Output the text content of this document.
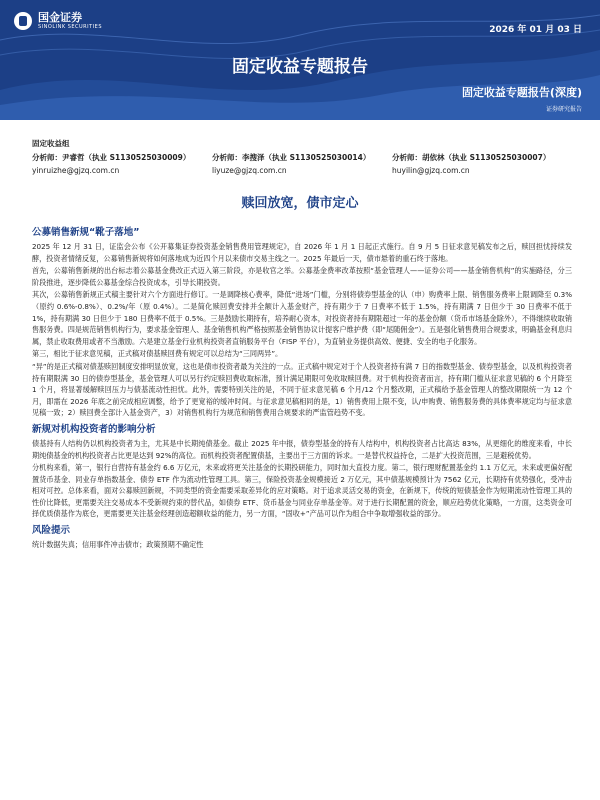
国金证券
SINOLINK SECURITIES	2026 年 01 月 03 日
固定收益专题报告
固定收益专题报告(深度)
证券研究报告
固定收益组
分析师：尹睿哲（执业 S1130525030009）
yinruizhe@gjzq.com.cn
分析师：李搜泽（执业 S1130525030014）
liyuze@gjzq.com.cn
分析师：胡依林（执业 S1130525030007）
huyilin@gjzq.com.cn
赎回放宽，债市定心
公募销售新规“靴子落地”

2025 年 12 月 31 日，证监会公布《公开募集证券投资基金销售费用管理规定》，自 2026 年 1 月 1 日起正式施行。自 9 月 5 日征求意见稿发布之后，赎回担忧持续发酵，投资者情绪反复，公募销售新规将如何落地成为近四个月以来债市交易主线之一。2025 年最后一天，债市悬着的重石终于落地。

首先，公募销售新规的出台标志着公募基金费改正式迈入第三阶段，亦是收官之举。公募基金费率改革按照“基金管理人——证券公司——基金销售机构”的实施路径，分三阶段推进，逐步降低公募基金综合投资成本，引导长期投资。

其次，公募销售新规正式稿主要针对六个方面进行修订。一是调降核心费率，降低“进场”门槛，分别将债券型基金的认（申）购费率上限、销售服务费率上限调降至 0.3%（原约 0.6%-0.8%）、0.2%/年（原 0.4%）。二是简化赎回费安排并全额计入基金财产，持有期少于 7 日费率不低于 1.5%，持有期满 7 日但少于 30 日费率不低于 1%，持有期满 30 日但少于 180 日费率不低于 0.5%。三是鼓励长期持有，培养耐心资本，对投资者持有期限超过一年的基金份额（货币市场基金除外），不得继续收取销售服务费。四是规范销售机构行为，要求基金管理人、基金销售机构严格按照基金销售协议计提客户维护费（即“尾随佣金”）。五是强化销售费用合规要求，明确基金利息归属，禁止收取费用或者不当激励。六是建立基金行业机构投资者直销服务平台（FISP 平台），为直销业务提供高效、便捷、安全的电子化服务。

第三，相比于征求意见稿，正式稿对债基赎回费有规定可以总结为“三同两异”。

“异”的是正式稿对债基赎回制度安排明显放宽，这也是债市投资者最为关注的一点。正式稿中规定对于个人投资者持有满 7 日的指数型基金、债券型基金，以及机构投资者持有期限满 30 日的债券型基金，基金管理人可以另行约定赎回费收取标准，预计满足期限可免收取赎回费。对于机构投资者而言，持有期门槛从征求意见稿的 6 个月降至 1 个月，将显著缓解赎回压力与债基流动性担忧。此外，需要特别关注的是，不同于征求意见稿 6 个月/12 个月整改期，正式稿给予基金管理人的整改期限统一为 12 个月，即需在 2026 年底之前完成相应调整，给予了更宽裕的缓冲时间。与征求意见稿相同的是，1）销售费用上限不变，认/申购费、销售服务费的具体费率规定均与征求意见稿一致；2）赎回费全部计入基金资产，3）对销售机构行为规范和销售费用合规要求的严监管趋势不变。

新规对机构投资者的影响分析

债基持有人结构仍以机构投资者为主，尤其是中长期纯债基金。截止 2025 年中报，债券型基金的持有人结构中，机构投资者占比高达 83%，从更细化的维度来看，中长期纯债基金的机构投资者占比更是达到 92%的高位。而机构投资者配置债基，主要出于三方面的诉求。一是替代权益持仓，二是扩大投资范围，三是避税优势。

分机构来看，第一，银行自营持有基金约 6.6 万亿元，未来或将更关注基金的长期投研能力，同时加大直投力度。第二，银行理财配置基金约 1.1 万亿元，未来或更偏好配置货币基金、同业存单指数基金、债券 ETF 作为流动性管理工具。第三，保险投资基金规模接近 2 万亿元，其中债基规模预计为 7562 亿元，长期持有优势强化，受冲击相对可控。总体来看，面对公募赎回新规，不同类型的资金需要采取差异化的应对策略。对于追求灵活交易的资金，在新规下，传统的短债基金作为短期流动性管理工具的性价比降低，更需要关注交易成本不受新规约束的替代品，如债券 ETF、货币基金与同业存单基金等。对于进行长期配置的资金，顺应趋势优化策略，一方面，这类资金可择优质债基作为底仓，更需要更关注基金经理创造超额收益的能力，另一方面，“固收+”产品可以作为组合中争取增强收益的部分。

风险提示

统计数据失真；信用事件冲击债市；政策预期不确定性
